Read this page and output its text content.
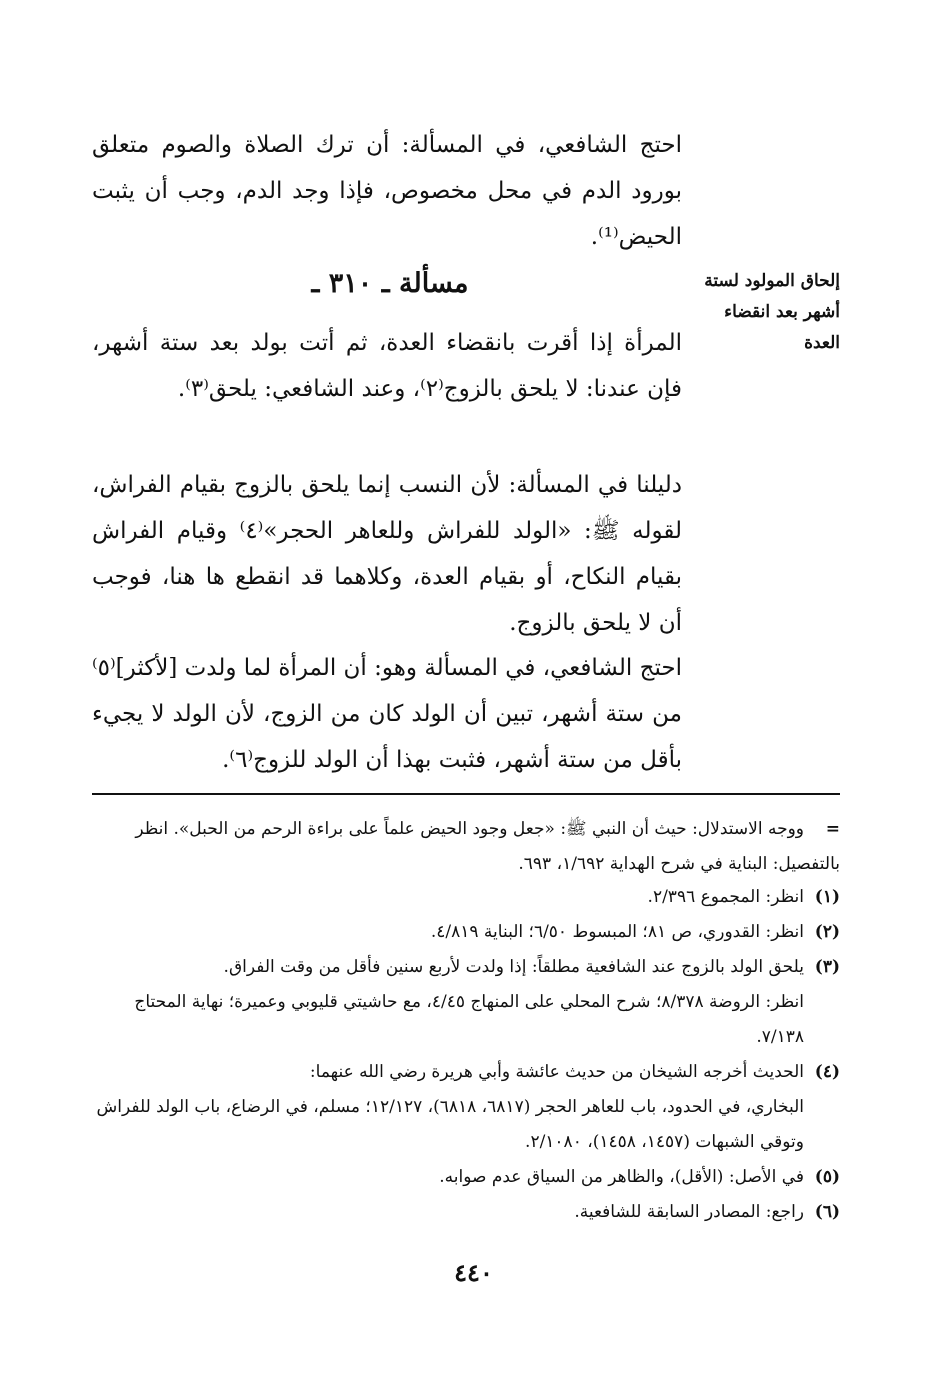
احتج الشافعي، في المسألة: أن ترك الصلاة والصوم متعلق بورود الدم في محل مخصوص، فإذا وجد الدم، وجب أن يثبت الحيض⁽¹⁾.
مسألة ـ ٣١٠ ـ	إلحاق المولود لستة أشهر بعد انقضاء العدة
المرأة إذا أقرت بانقضاء العدة، ثم أتت بولد بعد ستة أشهر، فإن عندنا: لا يلحق بالزوج⁽٢⁾، وعند الشافعي: يلحق⁽٣⁾.
دليلنا في المسألة: لأن النسب إنما يلحق بالزوج بقيام الفراش، لقوله ﷺ: «الولد للفراش وللعاهر الحجر»⁽٤⁾ وقيام الفراش بقيام النكاح، أو بقيام العدة، وكلاهما قد انقطع ها هنا، فوجب أن لا يلحق بالزوج.
احتج الشافعي، في المسألة وهو: أن المرأة لما ولدت [لأكثر]⁽٥⁾ من ستة أشهر، تبين أن الولد كان من الزوج، لأن الولد لا يجيء بأقل من ستة أشهر، فثبت بهذا أن الولد للزوج⁽٦⁾.
=ووجه الاستدلال: حيث أن النبي ﷺ: «جعل وجود الحيض علماً على براءة الرحم من الحبل». انظر بالتفصيل: البناية في شرح الهداية ١/٦٩٢، ٦٩٣.
(١)انظر: المجموع ٢/٣٩٦.
(٢)انظر: القدوري، ص ٨١؛ المبسوط ٦/٥٠؛ البناية ٤/٨١٩.
(٣)يلحق الولد بالزوج عند الشافعية مطلقاً: إذا ولدت لأربع سنين فأقل من وقت الفراق.
انظر: الروضة ٨/٣٧٨؛ شرح المحلي على المنهاج ٤/٤٥، مع حاشيتي قليوبي وعميرة؛ نهاية المحتاج ٧/١٣٨.
(٤)الحديث أخرجه الشيخان من حديث عائشة وأبي هريرة رضي الله عنهما:
البخاري، في الحدود، باب للعاهر الحجر (٦٨١٧، ٦٨١٨)، ١٢/١٢٧؛ مسلم، في الرضاع، باب الولد للفراش وتوقي الشبهات (١٤٥٧، ١٤٥٨)، ٢/١٠٨٠.
(٥)في الأصل: (الأقل)، والظاهر من السياق عدم صوابه.
(٦)راجع: المصادر السابقة للشافعية.
٤٤٠
